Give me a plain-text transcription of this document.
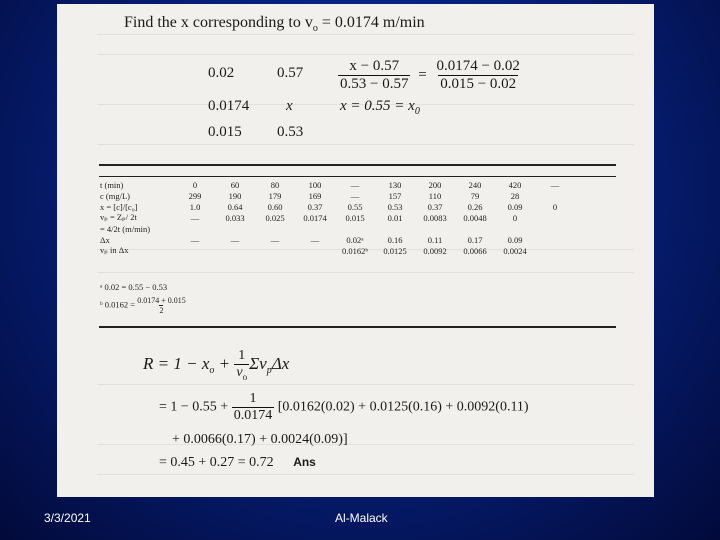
Find the x corresponding to $v_o = 0.0174$ m/min
0.02	0.57
0.0174 x
0.015 0.53
$\frac{x - 0.57}{0.53 - 0.57} = \frac{0.0174 - 0.02}{0.015 - 0.02}$
$x = 0.55 = x_0$
t (min)	0	60	80	100	—	130	200	240	420	—
c (mg/L)	299	190	179	169	—	157	110	79	28	
x = [c]/[c₀]	1.0	0.64	0.60	0.37	0.55	0.53	0.37	0.26	0.09	0
vₚ = Zₚ/ 2t	—	0.033	0.025	0.0174	0.015	0.01	0.0083	0.0048	0	
= 4/2t (m/min)										
Δx	—	—	—	—	0.02ᵃ	0.16	0.11	0.17	0.09	
vₚ in Δx					0.0162ᵇ	0.0125	0.0092	0.0066	0.0024	
ᵃ 0.02 = 0.55 − 0.53
ᵇ $0.0162 = \frac{0.0174 + 0.015}{2}$
$R = 1 - x_o + \frac{1}{v_o} \Sigma v_p\Delta x$
= $1 - 0.55 + \frac{1}{0.0174} [0.0162(0.02) + 0.0125(0.16) + 0.0092(0.11)$
+ 0.0066(0.17) + 0.0024(0.09)]
= 0.45 + 0.27 = 0.72 Ans
3/3/2021	Al-Malack
